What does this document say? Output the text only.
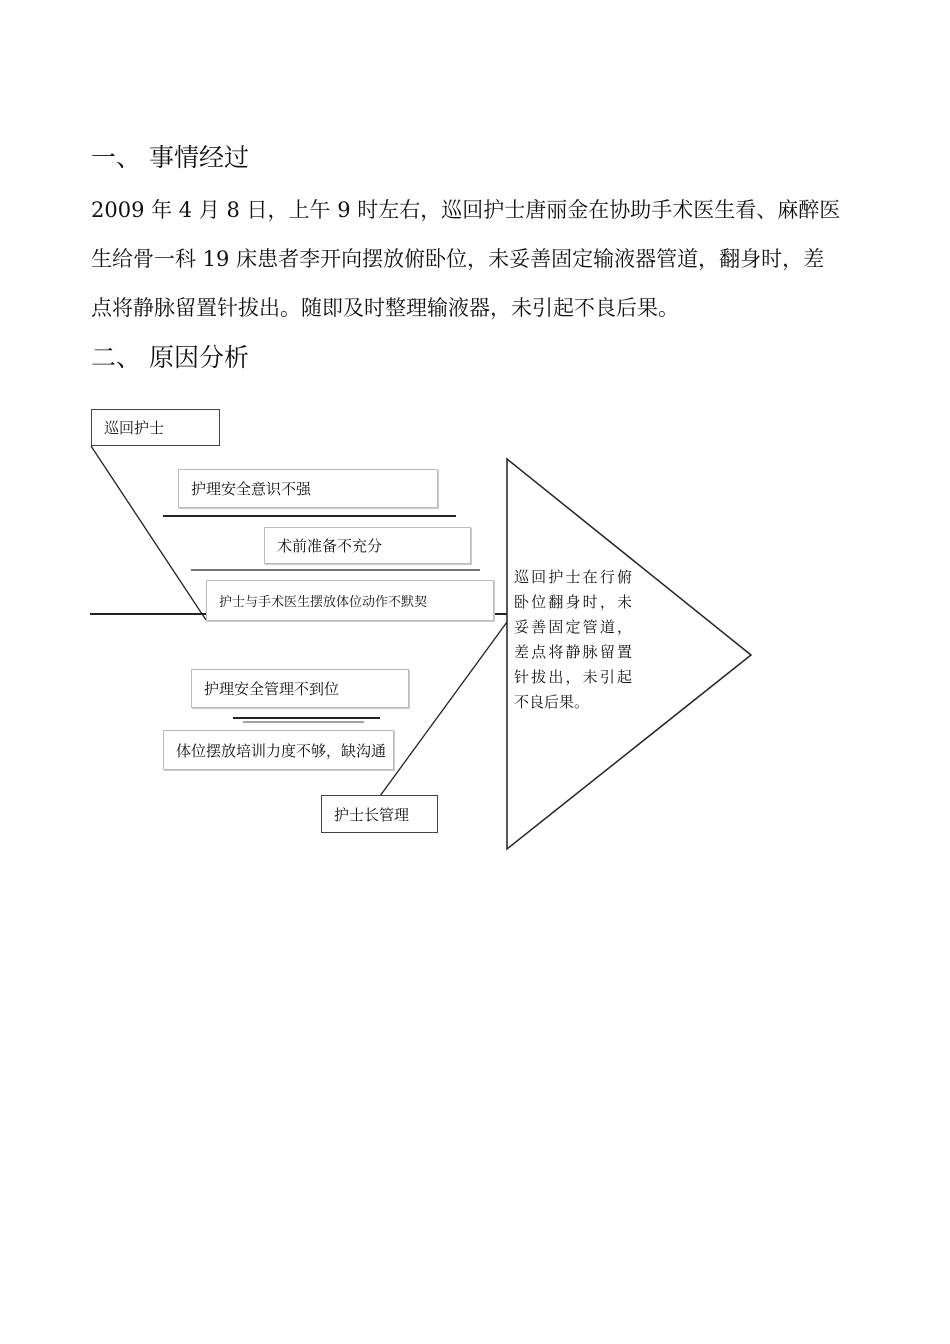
一、 事情经过
2009 年 4 月 8 日，上午 9 时左右，巡回护士唐丽金在协助手术医生看、麻醉医
生给骨一科 19 床患者李开向摆放俯卧位，未妥善固定输液器管道，翻身时，差
点将静脉留置针拔出。随即及时整理输液器，未引起不良后果。
二、 原因分析
巡回护士
护理安全意识不强
术前准备不充分
护士与手术医生摆放体位动作不默契
护理安全管理不到位
体位摆放培训力度不够，缺沟通
护士长管理
巡回护士在行俯卧位翻身时，未妥善固定管道，差点将静脉留置针拔出，未引起不良后果。
